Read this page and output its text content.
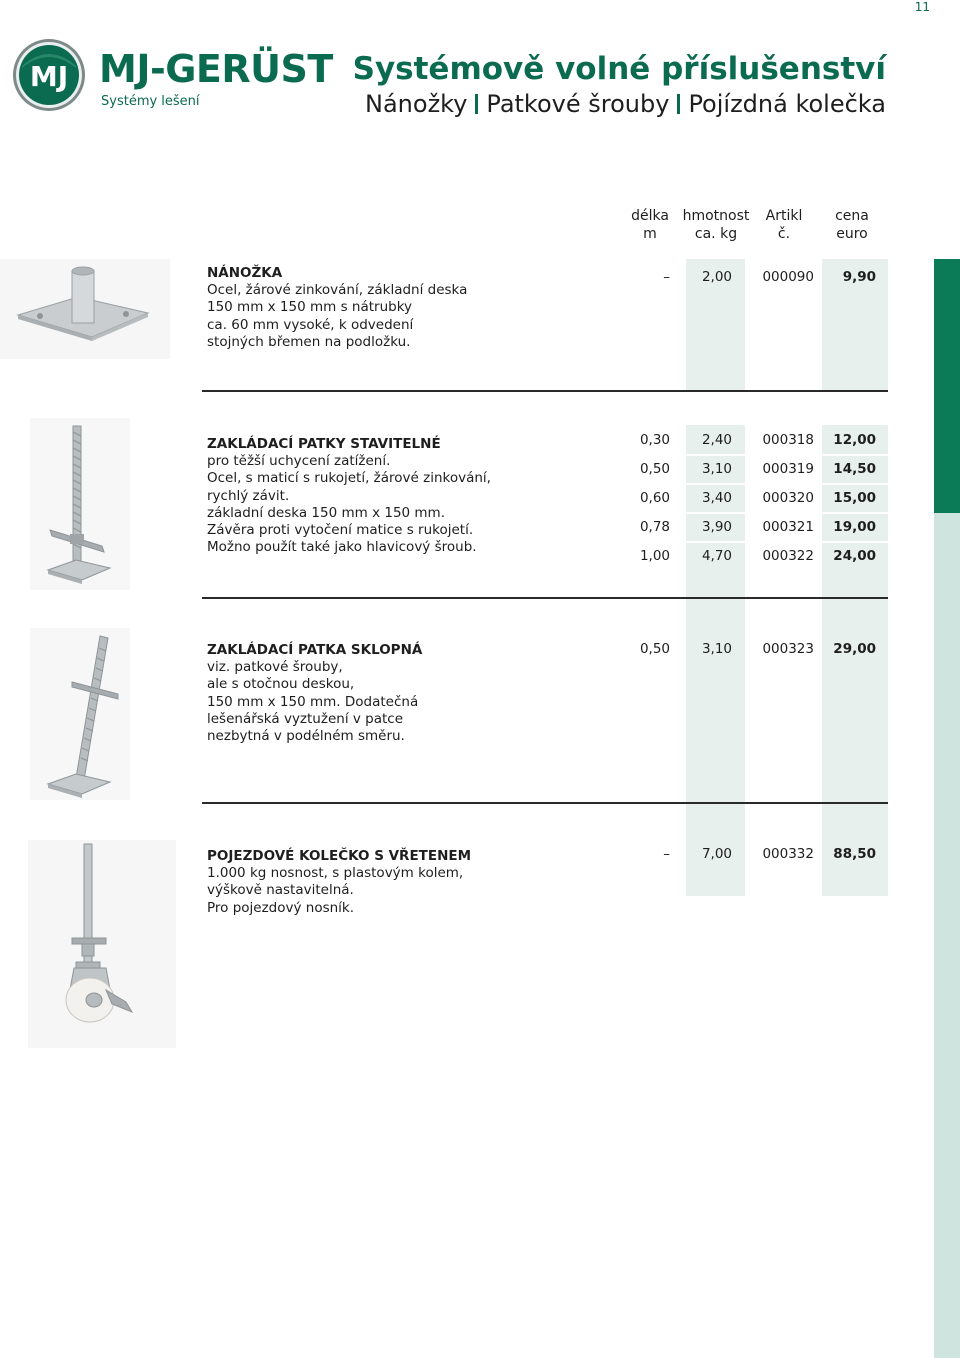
11
MJ MJ-GERÜST
Systémy lešení
Systémově volné příslušenství
Nánožky Patkové šrouby Pojízdná kolečka
délka
m
hmotnost
ca. kg
Artikl
č.
cena
euro
NÁNOŽKA
Ocel, žárové zinkování, základní deska
150 mm x 150 mm s nátrubky
ca. 60 mm vysoké, k odvedení
stojných břemen na podložku.
–	2,00	000090	9,90
ZAKLÁDACÍ PATKY STAVITELNÉ
pro těžší uchycení zatížení.
Ocel, s maticí s rukojetí, žárové zinkování,
rychlý závit.
základní deska 150 mm x 150 mm.
Závěra proti vytočení matice s rukojetí.
Možno použít také jako hlavicový šroub.
0,30	2,40	000318	12,00
0,50	3,10	000319	14,50
0,60	3,40	000320	15,00
0,78	3,90	000321	19,00
1,00	4,70	000322	24,00
ZAKLÁDACÍ PATKA SKLOPNÁ
viz. patkové šrouby,
ale s otočnou deskou,
150 mm x 150 mm. Dodatečná
lešenářská vyztužení v patce
nezbytná v podélném směru.
0,50	3,10	000323	29,00
POJEZDOVÉ KOLEČKO S VŘETENEM
1.000 kg nosnost, s plastovým kolem,
výškově nastavitelná.
Pro pojezdový nosník.
–	7,00	000332	88,50
